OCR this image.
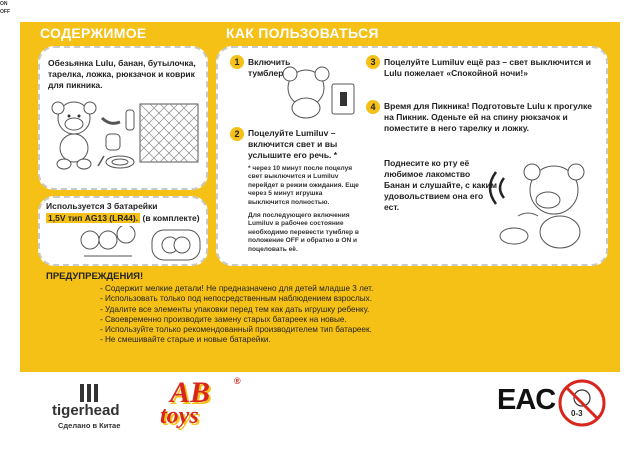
СОДЕРЖИМОЕ	КАК ПОЛЬЗОВАТЬСЯ
Обезьянка Lulu, банан, бутылочка, тарелка, ложка, рюкзачок и коврик для пикника.
Используется 3 батарейки
1,5V тип AG13 (LR44). (в комплекте)
1	Включить тумблер
ON
OFF
2	Поцелуйте Lumiluv – включится свет и вы услышите его речь. *
* через 10 минут после поцелуя свет выключится и Lumiluv перейдет в режим ожидания. Еще через 5 минут игрушка выключится полностью.
Для последующего включения Lumiluv в рабочее состояние необходимо перевести тумблер в положение OFF и обратно в ON и поцеловать её.
3	Поцелуйте Lumiluv ещё раз – свет выключится и Lulu пожелает «Спокойной ночи!»
4	Время для Пикника! Подготовьте Lulu к прогулке на Пикник. Оденьте ей на спину рюкзачок и поместите в него тарелку и ложку.
Поднесите ко рту её любимое лакомство Банан и слушайте, с каким удовольствием она его ест.
ПРЕДУПРЕЖДЕНИЯ!
- Содержит мелкие детали! Не предназначено для детей младше 3 лет.
- Использовать только под непосредственным наблюдением взрослых.
- Удалите все элементы упаковки перед тем как дать игрушку ребенку.
- Своевременно производите замену старых батареек на новые.
- Используйте только рекомендованный производителем тип батареек.
- Не смешивайте старые и новые батарейки.
tigerhead
Сделано в Китае
AB	®
toys	EAC 0-3
